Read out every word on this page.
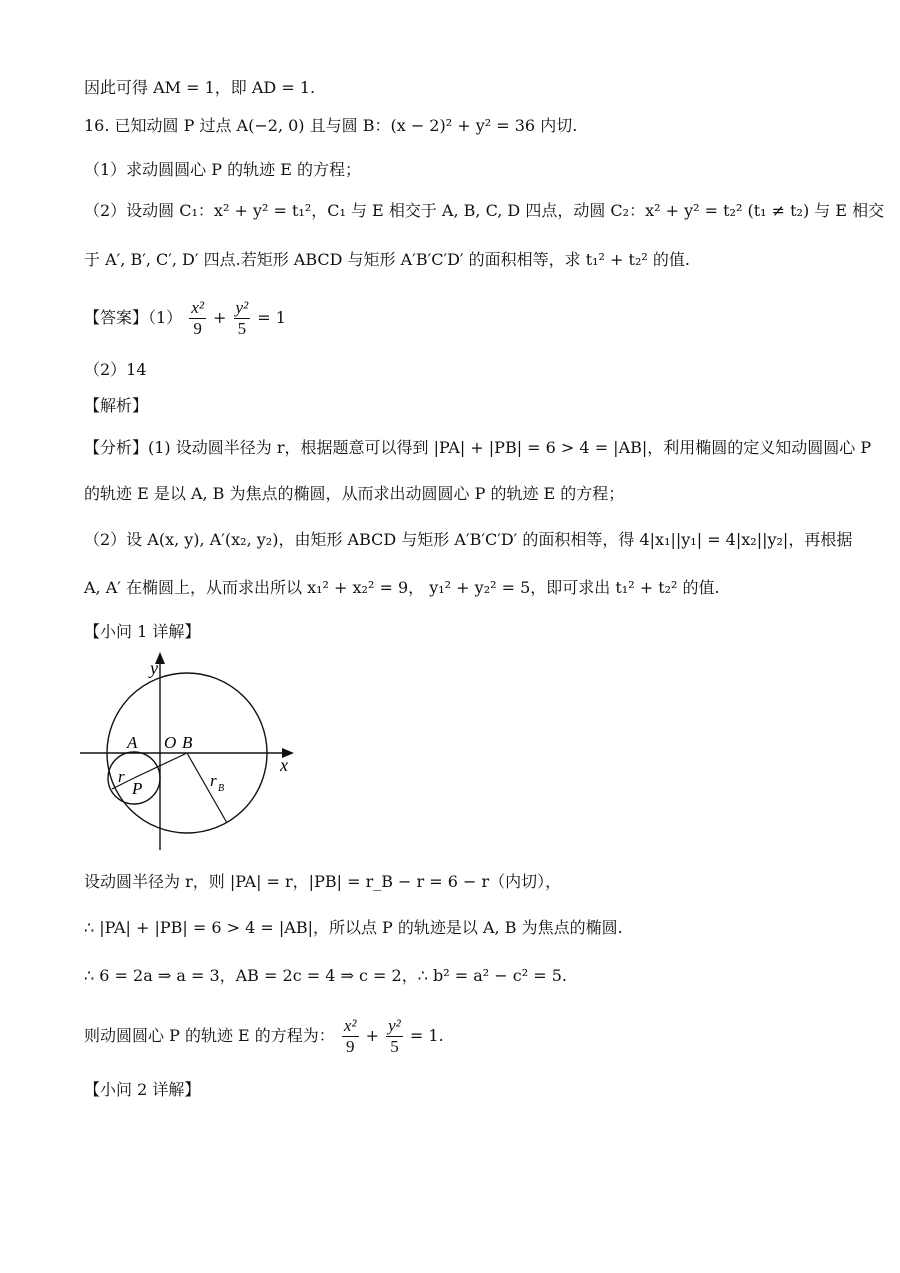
因此可得 AM = 1，即 AD = 1.
16. 已知动圆 P 过点 A(−2, 0) 且与圆 B：(x − 2)² + y² = 36 内切.
（1）求动圆圆心 P 的轨迹 E 的方程；
（2）设动圆 C₁：x² + y² = t₁²，C₁ 与 E 相交于 A, B, C, D 四点，动圆 C₂：x² + y² = t₂² (t₁ ≠ t₂) 与 E 相交
于 A′, B′, C′, D′ 四点.若矩形 ABCD 与矩形 A′B′C′D′ 的面积相等，求 t₁² + t₂² 的值.
【答案】$(1) \frac{\text{x²}}{9} + \frac{\text{y²}}{5} = 1$
（2）14
【解析】
【分析】(1) 设动圆半径为 r，根据题意可以得到 |PA| + |PB| = 6 > 4 = |AB|，利用椭圆的定义知动圆圆心 P
的轨迹 E 是以 A, B 为焦点的椭圆，从而求出动圆圆心 P 的轨迹 E 的方程；
（2）设 A(x, y), A′(x₂, y₂)，由矩形 ABCD 与矩形 A′B′C′D′ 的面积相等，得 4|x₁||y₁| = 4|x₂||y₂|，再根据
A, A′ 在椭圆上，从而求出所以 x₁² + x₂² = 9， y₁² + y₂² = 5，即可求出 t₁² + t₂² 的值.
【小问 1 详解】
y
x
A O B
r
P	r B
设动圆半径为 r，则 |PA| = r，|PB| = r_B − r = 6 − r（内切），
∴ |PA| + |PB| = 6 > 4 = |AB|，所以点 P 的轨迹是以 A, B 为焦点的椭圆.
∴ 6 = 2a ⇒ a = 3，AB = 2c = 4 ⇒ c = 2，∴ b² = a² − c² = 5.
则动圆圆心 P 的轨迹 E 的方程为： $\frac{\text{x²}}{9} + \frac{\text{y²}}{5} = 1$.
【小问 2 详解】
